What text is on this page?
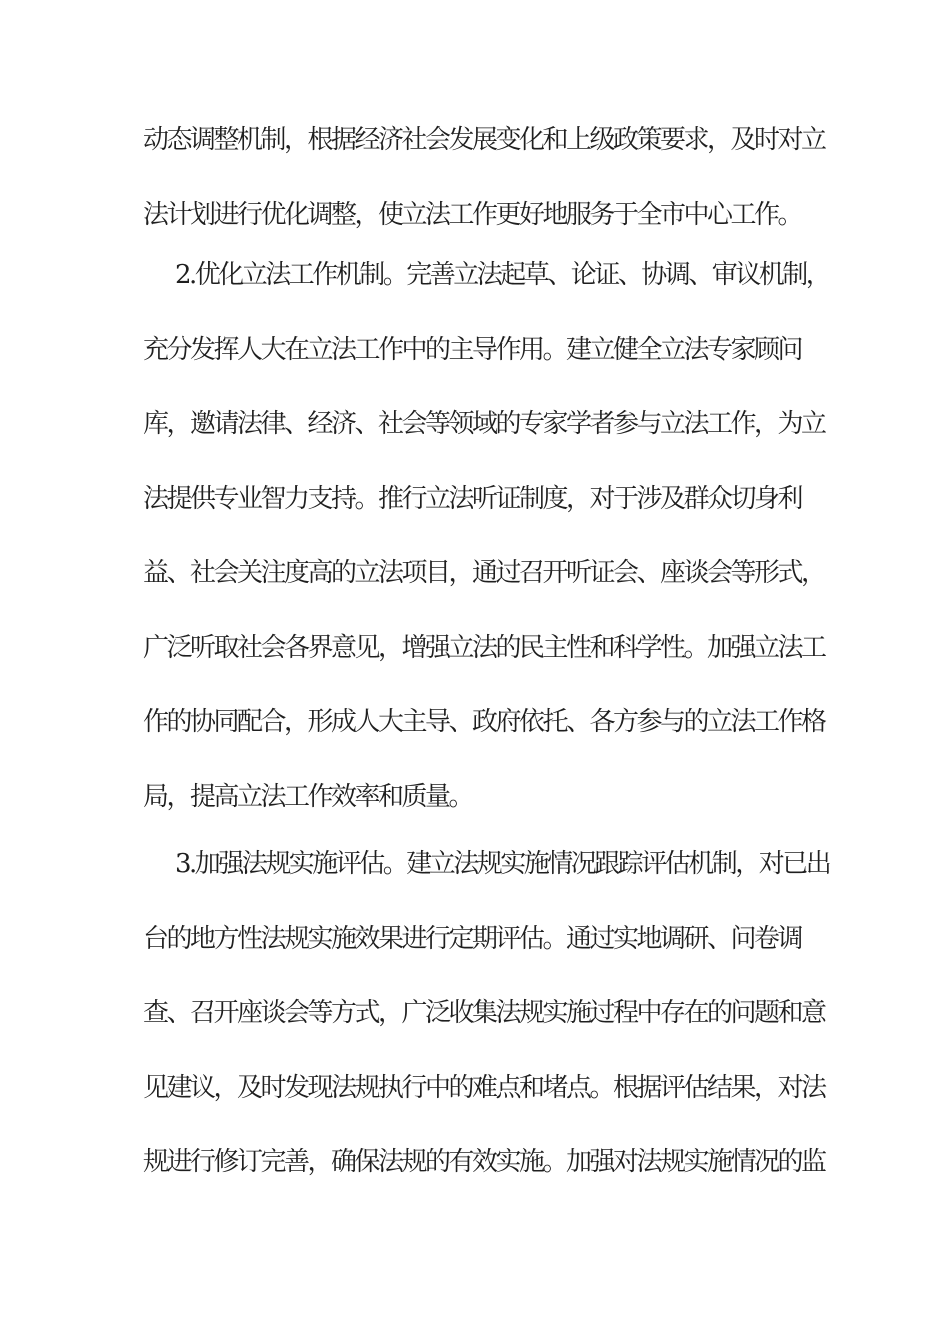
动态调整机制，根据经济社会发展变化和上级政策要求，及时对立
法计划进行优化调整，使立法工作更好地服务于全市中心工作。
2.优化立法工作机制。完善立法起草、论证、协调、审议机制，
充分发挥人大在立法工作中的主导作用。建立健全立法专家顾问
库，邀请法律、经济、社会等领域的专家学者参与立法工作，为立
法提供专业智力支持。推行立法听证制度，对于涉及群众切身利
益、社会关注度高的立法项目，通过召开听证会、座谈会等形式，
广泛听取社会各界意见，增强立法的民主性和科学性。加强立法工
作的协同配合，形成人大主导、政府依托、各方参与的立法工作格
局，提高立法工作效率和质量。
3.加强法规实施评估。建立法规实施情况跟踪评估机制，对已出
台的地方性法规实施效果进行定期评估。通过实地调研、问卷调
查、召开座谈会等方式，广泛收集法规实施过程中存在的问题和意
见建议，及时发现法规执行中的难点和堵点。根据评估结果，对法
规进行修订完善，确保法规的有效实施。加强对法规实施情况的监
